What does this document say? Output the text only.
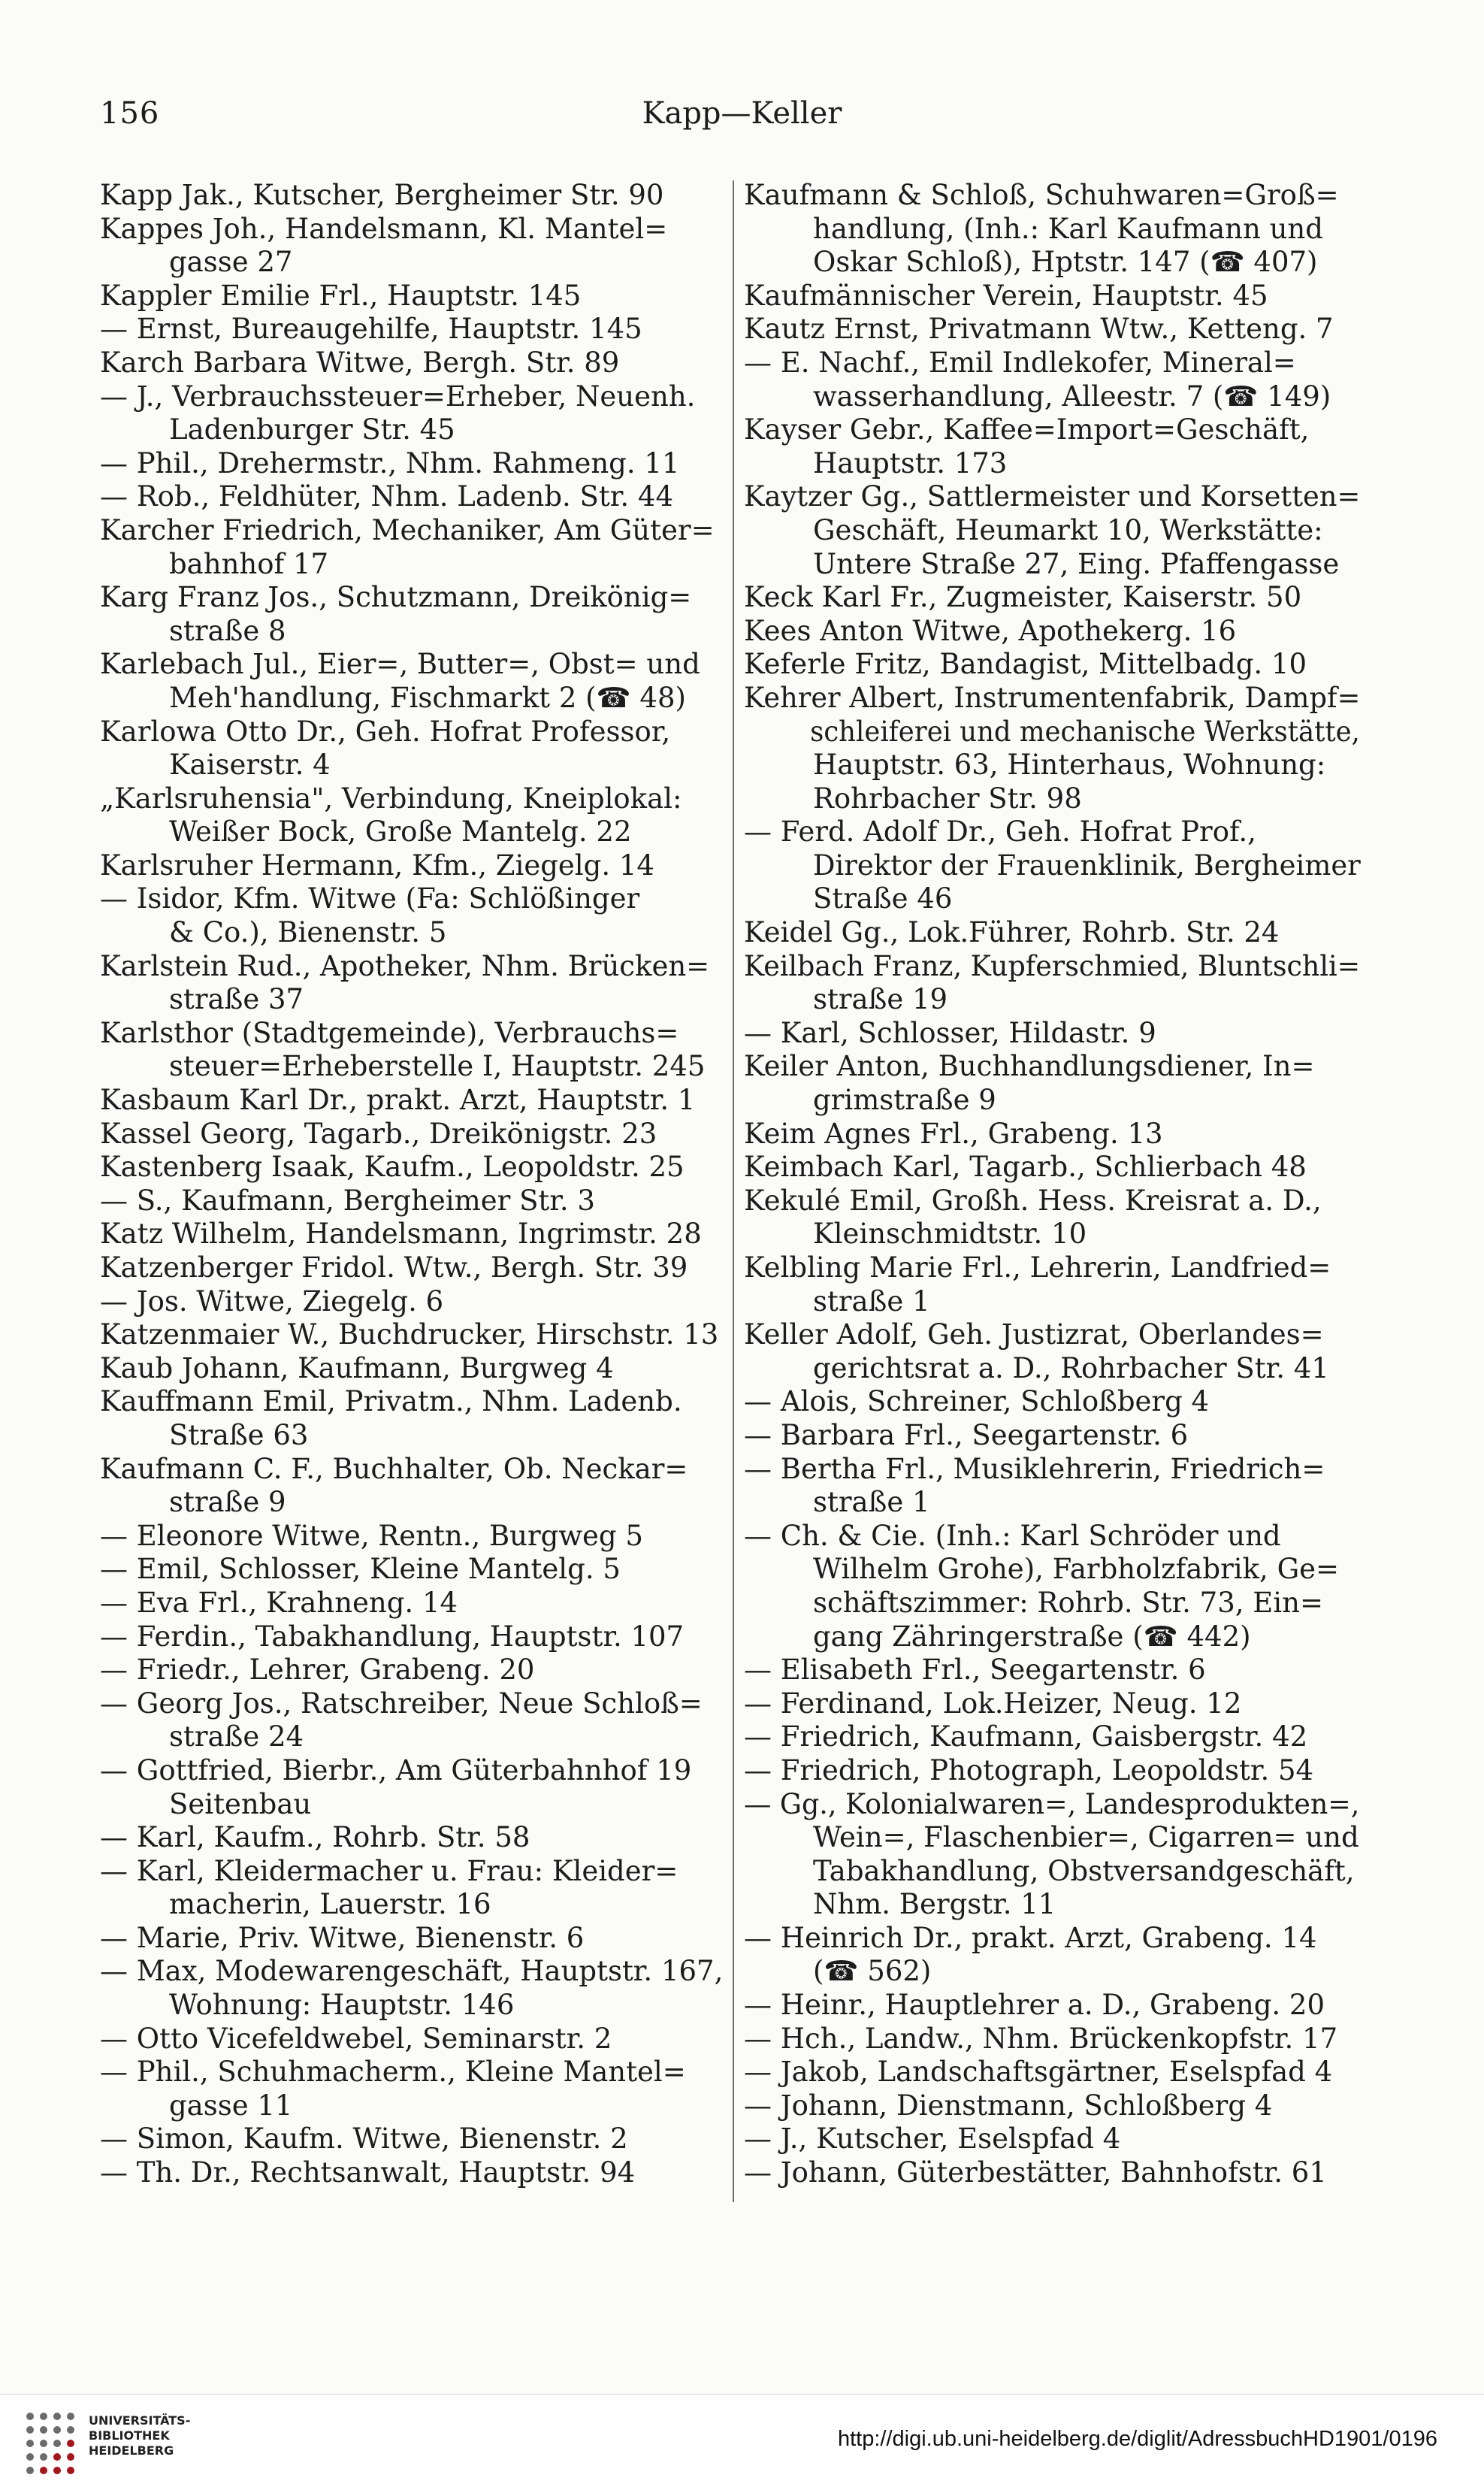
156	Kapp—Keller
Kapp Jak., Kutscher, Bergheimer Str. 90
Kappes Joh., Handelsmann, Kl. Mantel=
gasse 27
Kappler Emilie Frl., Hauptstr. 145
— Ernst, Bureaugehilfe, Hauptstr. 145
Karch Barbara Witwe, Bergh. Str. 89
— J., Verbrauchssteuer=Erheber, Neuenh.
Ladenburger Str. 45
— Phil., Drehermstr., Nhm. Rahmeng. 11
— Rob., Feldhüter, Nhm. Ladenb. Str. 44
Karcher Friedrich, Mechaniker, Am Güter=
bahnhof 17
Karg Franz Jos., Schutzmann, Dreikönig=
straße 8
Karlebach Jul., Eier=, Butter=, Obst= und
Meh'handlung, Fischmarkt 2 (☎ 48)
Karlowa Otto Dr., Geh. Hofrat Professor,
Kaiserstr. 4
„Karlsruhensia", Verbindung, Kneiplokal:
Weißer Bock, Große Mantelg. 22
Karlsruher Hermann, Kfm., Ziegelg. 14
— Isidor, Kfm. Witwe (Fa: Schlößinger
& Co.), Bienenstr. 5
Karlstein Rud., Apotheker, Nhm. Brücken=
straße 37
Karlsthor (Stadtgemeinde), Verbrauchs=
steuer=Erheberstelle I, Hauptstr. 245
Kasbaum Karl Dr., prakt. Arzt, Hauptstr. 1
Kassel Georg, Tagarb., Dreikönigstr. 23
Kastenberg Isaak, Kaufm., Leopoldstr. 25
— S., Kaufmann, Bergheimer Str. 3
Katz Wilhelm, Handelsmann, Ingrimstr. 28
Katzenberger Fridol. Wtw., Bergh. Str. 39
— Jos. Witwe, Ziegelg. 6
Katzenmaier W., Buchdrucker, Hirschstr. 13
Kaub Johann, Kaufmann, Burgweg 4
Kauffmann Emil, Privatm., Nhm. Ladenb.
Straße 63
Kaufmann C. F., Buchhalter, Ob. Neckar=
straße 9
— Eleonore Witwe, Rentn., Burgweg 5
— Emil, Schlosser, Kleine Mantelg. 5
— Eva Frl., Krahneng. 14
— Ferdin., Tabakhandlung, Hauptstr. 107
— Friedr., Lehrer, Grabeng. 20
— Georg Jos., Ratschreiber, Neue Schloß=
straße 24
— Gottfried, Bierbr., Am Güterbahnhof 19
Seitenbau
— Karl, Kaufm., Rohrb. Str. 58
— Karl, Kleidermacher u. Frau: Kleider=
macherin, Lauerstr. 16
— Marie, Priv. Witwe, Bienenstr. 6
— Max, Modewarengeschäft, Hauptstr. 167,
Wohnung: Hauptstr. 146
— Otto Vicefeldwebel, Seminarstr. 2
— Phil., Schuhmacherm., Kleine Mantel=
gasse 11
— Simon, Kaufm. Witwe, Bienenstr. 2
— Th. Dr., Rechtsanwalt, Hauptstr. 94
Kaufmann & Schloß, Schuhwaren=Groß=
handlung, (Inh.: Karl Kaufmann und
Oskar Schloß), Hptstr. 147 (☎ 407)
Kaufmännischer Verein, Hauptstr. 45
Kautz Ernst, Privatmann Wtw., Ketteng. 7
— E. Nachf., Emil Indlekofer, Mineral=
wasserhandlung, Alleestr. 7 (☎ 149)
Kayser Gebr., Kaffee=Import=Geschäft,
Hauptstr. 173
Kaytzer Gg., Sattlermeister und Korsetten=
Geschäft, Heumarkt 10, Werkstätte:
Untere Straße 27, Eing. Pfaffengasse
Keck Karl Fr., Zugmeister, Kaiserstr. 50
Kees Anton Witwe, Apothekerg. 16
Keferle Fritz, Bandagist, Mittelbadg. 10
Kehrer Albert, Instrumentenfabrik, Dampf=
schleiferei und mechanische Werkstätte,
Hauptstr. 63, Hinterhaus, Wohnung:
Rohrbacher Str. 98
— Ferd. Adolf Dr., Geh. Hofrat Prof.,
Direktor der Frauenklinik, Bergheimer
Straße 46
Keidel Gg., Lok.Führer, Rohrb. Str. 24
Keilbach Franz, Kupferschmied, Bluntschli=
straße 19
— Karl, Schlosser, Hildastr. 9
Keiler Anton, Buchhandlungsdiener, In=
grimstraße 9
Keim Agnes Frl., Grabeng. 13
Keimbach Karl, Tagarb., Schlierbach 48
Kekulé Emil, Großh. Hess. Kreisrat a. D.,
Kleinschmidtstr. 10
Kelbling Marie Frl., Lehrerin, Landfried=
straße 1
Keller Adolf, Geh. Justizrat, Oberlandes=
gerichtsrat a. D., Rohrbacher Str. 41
— Alois, Schreiner, Schloßberg 4
— Barbara Frl., Seegartenstr. 6
— Bertha Frl., Musiklehrerin, Friedrich=
straße 1
— Ch. & Cie. (Inh.: Karl Schröder und
Wilhelm Grohe), Farbholzfabrik, Ge=
schäftszimmer: Rohrb. Str. 73, Ein=
gang Zähringerstraße (☎ 442)
— Elisabeth Frl., Seegartenstr. 6
— Ferdinand, Lok.Heizer, Neug. 12
— Friedrich, Kaufmann, Gaisbergstr. 42
— Friedrich, Photograph, Leopoldstr. 54
— Gg., Kolonialwaren=, Landesprodukten=,
Wein=, Flaschenbier=, Cigarren= und
Tabakhandlung, Obstversandgeschäft,
Nhm. Bergstr. 11
— Heinrich Dr., prakt. Arzt, Grabeng. 14
(☎ 562)
— Heinr., Hauptlehrer a. D., Grabeng. 20
— Hch., Landw., Nhm. Brückenkopfstr. 17
— Jakob, Landschaftsgärtner, Eselspfad 4
— Johann, Dienstmann, Schloßberg 4
— J., Kutscher, Eselspfad 4
— Johann, Güterbestätter, Bahnhofstr. 61
UNIVERSITÄTS-
BIBLIOTHEK
HEIDELBERG	http://digi.ub.uni-heidelberg.de/diglit/AdressbuchHD1901/0196
